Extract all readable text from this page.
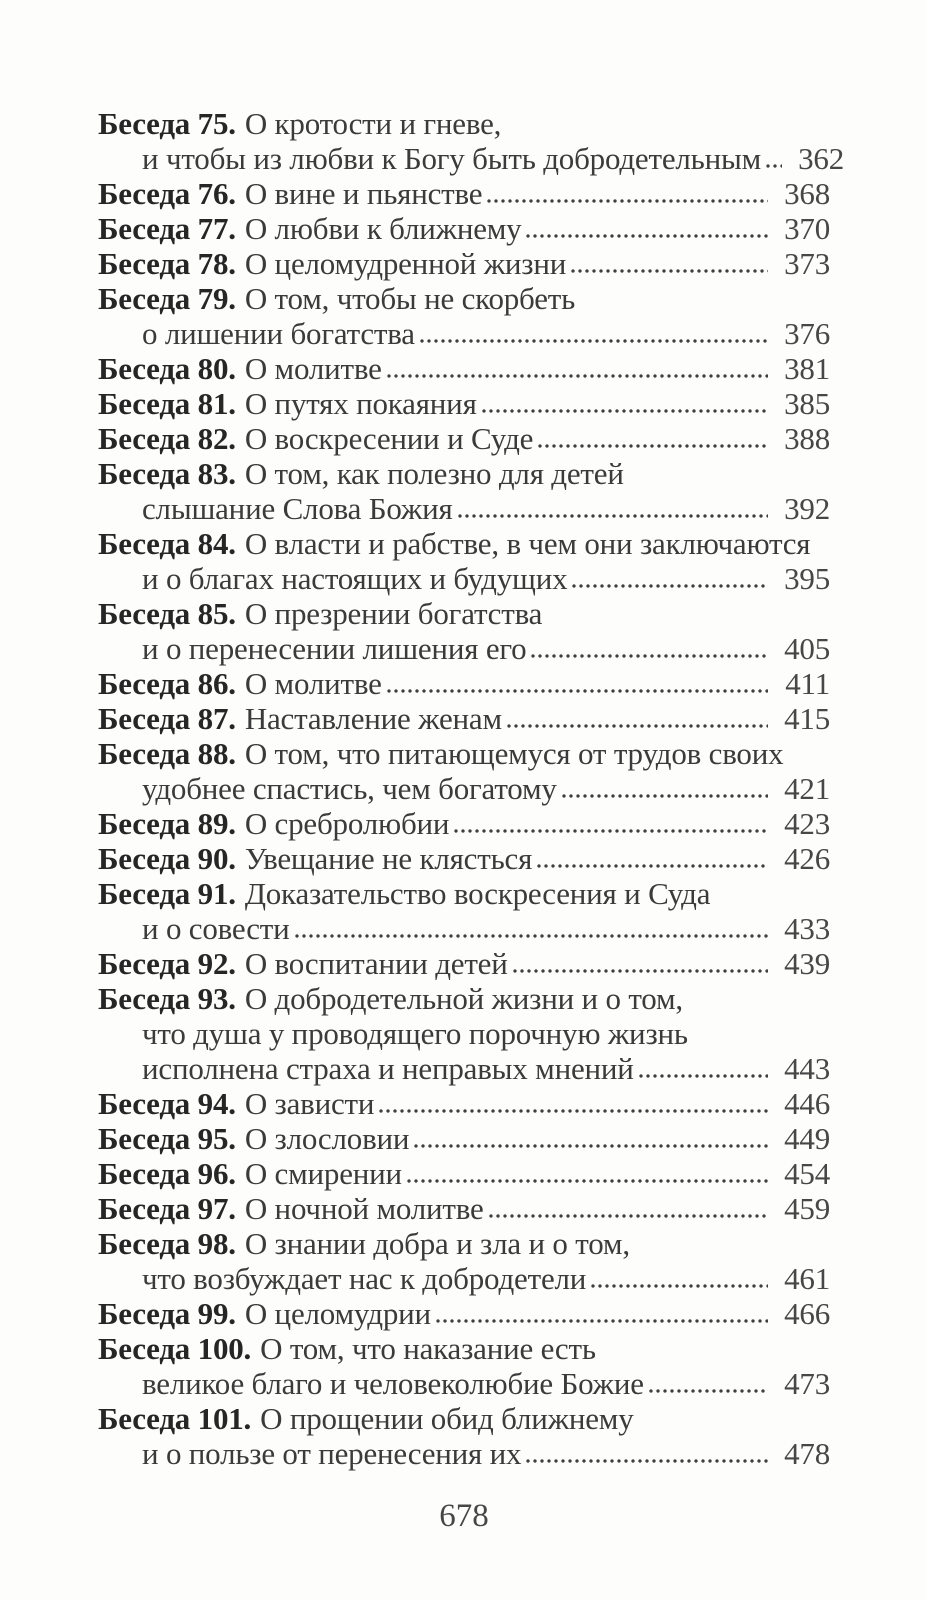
Беседа 75. О кротости и гневе,
и чтобы из любви к Богу быть добродетельным 362
Беседа 76. О вине и пьянстве	368
Беседа 77. О любви к ближнему	370
Беседа 78. О целомудренной жизни	373
Беседа 79. О том, чтобы не скорбеть
о лишении богатства	376
Беседа 80. О молитве	381
Беседа 81. О путях покаяния	385
Беседа 82. О воскресении и Суде	388
Беседа 83. О том, как полезно для детей
слышание Слова Божия	392
Беседа 84. О власти и рабстве, в чем они заключаются
и о благах настоящих и будущих	395
Беседа 85. О презрении богатства
и о перенесении лишения его	405
Беседа 86. О молитве	411
Беседа 87. Наставление женам	415
Беседа 88. О том, что питающемуся от трудов своих
удобнее спастись, чем богатому	421
Беседа 89. О сребролюбии	423
Беседа 90. Увещание не клясться	426
Беседа 91. Доказательство воскресения и Суда
и о совести	433
Беседа 92. О воспитании детей	439
Беседа 93. О добродетельной жизни и о том,
что душа у проводящего порочную жизнь
исполнена страха и неправых мнений	443
Беседа 94. О зависти	446
Беседа 95. О злословии	449
Беседа 96. О смирении	454
Беседа 97. О ночной молитве	459
Беседа 98. О знании добра и зла и о том,
что возбуждает нас к добродетели	461
Беседа 99. О целомудрии	466
Беседа 100. О том, что наказание есть
великое благо и человеколюбие Божие	473
Беседа 101. О прощении обид ближнему
и о пользе от перенесения их	478
678
